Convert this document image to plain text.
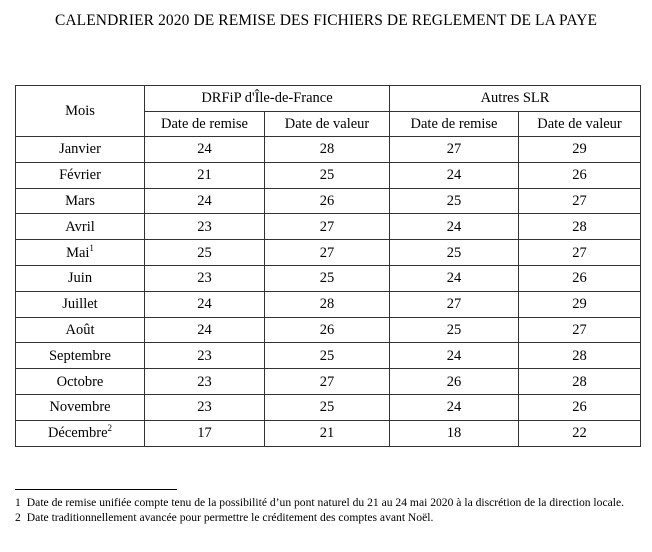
CALENDRIER 2020 DE REMISE DES FICHIERS DE REGLEMENT DE LA PAYE
Mois	DRFiP d'Île-de-France		Autres SLR	
	Date de remise	Date de valeur	Date de remise	Date de valeur
Janvier	24	28	27	29
Février	21	25	24	26
Mars	24	26	25	27
Avril	23	27	24	28
Mai$^1$	25	27	25	27
Juin	23	25	24	26
Juillet	24	28	27	29
Août	24	26	25	27
Septembre	23	25	24	28
Octobre	23	27	26	28
Novembre	23	25	24	26
Décembre$^2$	17	21	18	22

1 Date de remise unifiée compte tenu de la possibilité d’un pont naturel du 21 au 24 mai 2020 à la discrétion de la direction locale.

2 Date traditionnellement avancée pour permettre le créditement des comptes avant Noël.
